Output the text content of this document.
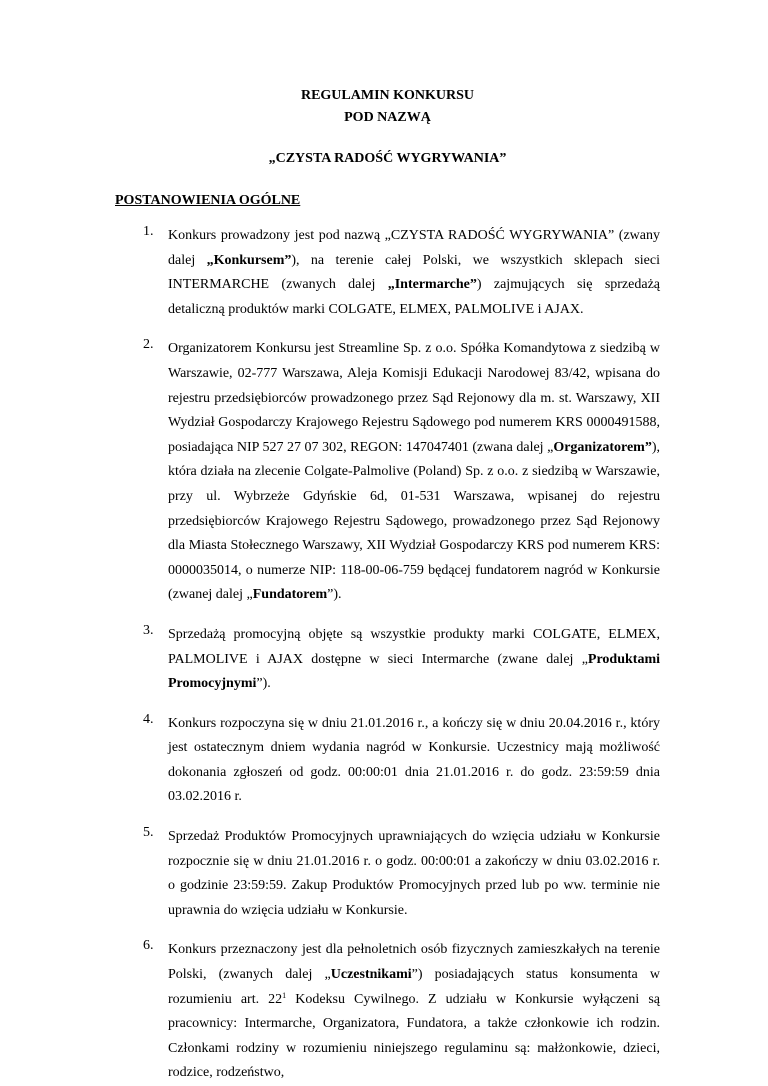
REGULAMIN KONKURSU
POD NAZWĄ
„CZYSTA RADOŚĆ WYGRYWANIA”
POSTANOWIENIA OGÓLNE
1. Konkurs prowadzony jest pod nazwą „CZYSTA RADOŚĆ WYGRYWANIA” (zwany dalej „Konkursem”), na terenie całej Polski, we wszystkich sklepach sieci INTERMARCHE (zwanych dalej „Intermarche”) zajmujących się sprzedażą detaliczną produktów marki COLGATE, ELMEX, PALMOLIVE i AJAX.
2. Organizatorem Konkursu jest Streamline Sp. z o.o. Spółka Komandytowa z siedzibą w Warszawie, 02-777 Warszawa, Aleja Komisji Edukacji Narodowej 83/42, wpisana do rejestru przedsiębiorców prowadzonego przez Sąd Rejonowy dla m. st. Warszawy, XII Wydział Gospodarczy Krajowego Rejestru Sądowego pod numerem KRS 0000491588, posiadająca NIP 527 27 07 302, REGON: 147047401 (zwana dalej „Organizatorem”), która działa na zlecenie Colgate-Palmolive (Poland) Sp. z o.o. z siedzibą w Warszawie, przy ul. Wybrzeże Gdyńskie 6d, 01-531 Warszawa, wpisanej do rejestru przedsiębiorców Krajowego Rejestru Sądowego, prowadzonego przez Sąd Rejonowy dla Miasta Stołecznego Warszawy, XII Wydział Gospodarczy KRS pod numerem KRS: 0000035014, o numerze NIP: 118-00-06-759 będącej fundatorem nagród w Konkursie (zwanej dalej „Fundatorem”).
3. Sprzedażą promocyjną objęte są wszystkie produkty marki COLGATE, ELMEX, PALMOLIVE i AJAX dostępne w sieci Intermarche (zwane dalej „Produktami Promocyjnymi”).
4. Konkurs rozpoczyna się w dniu 21.01.2016 r., a kończy się w dniu 20.04.2016 r., który jest ostatecznym dniem wydania nagród w Konkursie. Uczestnicy mają możliwość dokonania zgłoszeń od godz. 00:00:01 dnia 21.01.2016 r. do godz. 23:59:59 dnia 03.02.2016 r.
5. Sprzedaż Produktów Promocyjnych uprawniających do wzięcia udziału w Konkursie rozpocznie się w dniu 21.01.2016 r. o godz. 00:00:01 a zakończy w dniu 03.02.2016 r. o godzinie 23:59:59. Zakup Produktów Promocyjnych przed lub po ww. terminie nie uprawnia do wzięcia udziału w Konkursie.
6. Konkurs przeznaczony jest dla pełnoletnich osób fizycznych zamieszkałych na terenie Polski, (zwanych dalej „Uczestnikami”) posiadających status konsumenta w rozumieniu art. $22^1$ Kodeksu Cywilnego. Z udziału w Konkursie wyłączeni są pracownicy: Intermarche, Organizatora, Fundatora, a także członkowie ich rodzin. Członkami rodziny w rozumieniu niniejszego regulaminu są: małżonkowie, dzieci, rodzice, rodzeństwo,
